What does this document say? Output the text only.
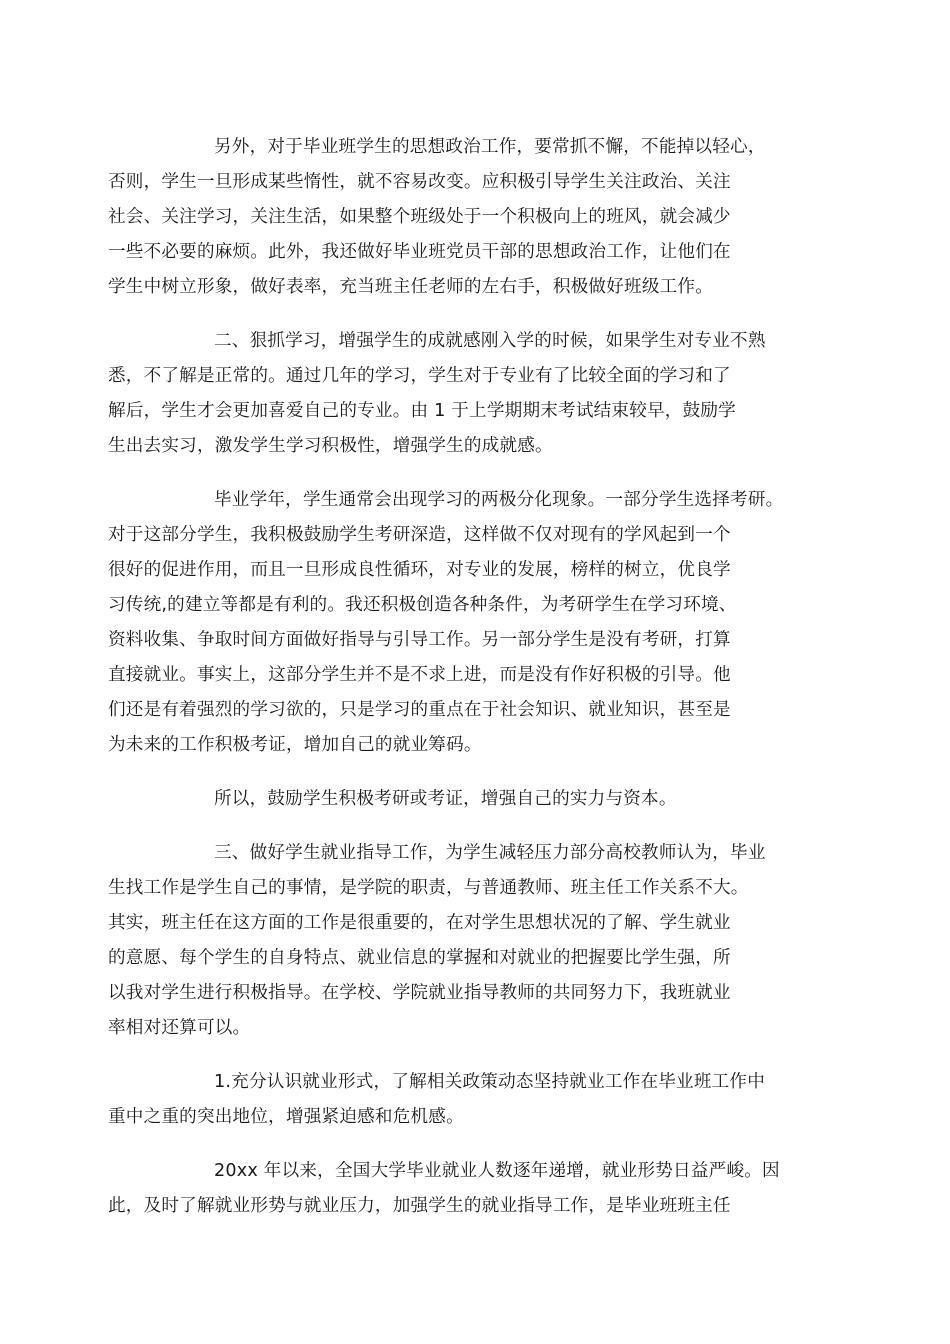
另外，对于毕业班学生的思想政治工作，要常抓不懈，不能掉以轻心，
否则，学生一旦形成某些惰性，就不容易改变。应积极引导学生关注政治、关注
社会、关注学习，关注生活，如果整个班级处于一个积极向上的班风，就会减少
一些不必要的麻烦。此外，我还做好毕业班党员干部的思想政治工作，让他们在
学生中树立形象，做好表率，充当班主任老师的左右手，积极做好班级工作。

二、狠抓学习，增强学生的成就感刚入学的时候，如果学生对专业不熟
悉，不了解是正常的。通过几年的学习，学生对于专业有了比较全面的学习和了
解后，学生才会更加喜爱自己的专业。由 1 于上学期期末考试结束较早，鼓励学
生出去实习，激发学生学习积极性，增强学生的成就感。

毕业学年，学生通常会出现学习的两极分化现象。一部分学生选择考研。
对于这部分学生，我积极鼓励学生考研深造，这样做不仅对现有的学风起到一个
很好的促进作用，而且一旦形成良性循环，对专业的发展，榜样的树立，优良学
习传统,的建立等都是有利的。我还积极创造各种条件，为考研学生在学习环境、
资料收集、争取时间方面做好指导与引导工作。另一部分学生是没有考研，打算
直接就业。事实上，这部分学生并不是不求上进，而是没有作好积极的引导。他
们还是有着强烈的学习欲的，只是学习的重点在于社会知识、就业知识，甚至是
为未来的工作积极考证，增加自己的就业筹码。

所以，鼓励学生积极考研或考证，增强自己的实力与资本。

三、做好学生就业指导工作，为学生减轻压力部分高校教师认为，毕业
生找工作是学生自己的事情，是学院的职责，与普通教师、班主任工作关系不大。
其实，班主任在这方面的工作是很重要的，在对学生思想状况的了解、学生就业
的意愿、每个学生的自身特点、就业信息的掌握和对就业的把握要比学生强，所
以我对学生进行积极指导。在学校、学院就业指导教师的共同努力下，我班就业
率相对还算可以。

1.充分认识就业形式，了解相关政策动态坚持就业工作在毕业班工作中
重中之重的突出地位，增强紧迫感和危机感。

20xx 年以来，全国大学毕业就业人数逐年递增，就业形势日益严峻。因
此，及时了解就业形势与就业压力，加强学生的就业指导工作，是毕业班班主任
